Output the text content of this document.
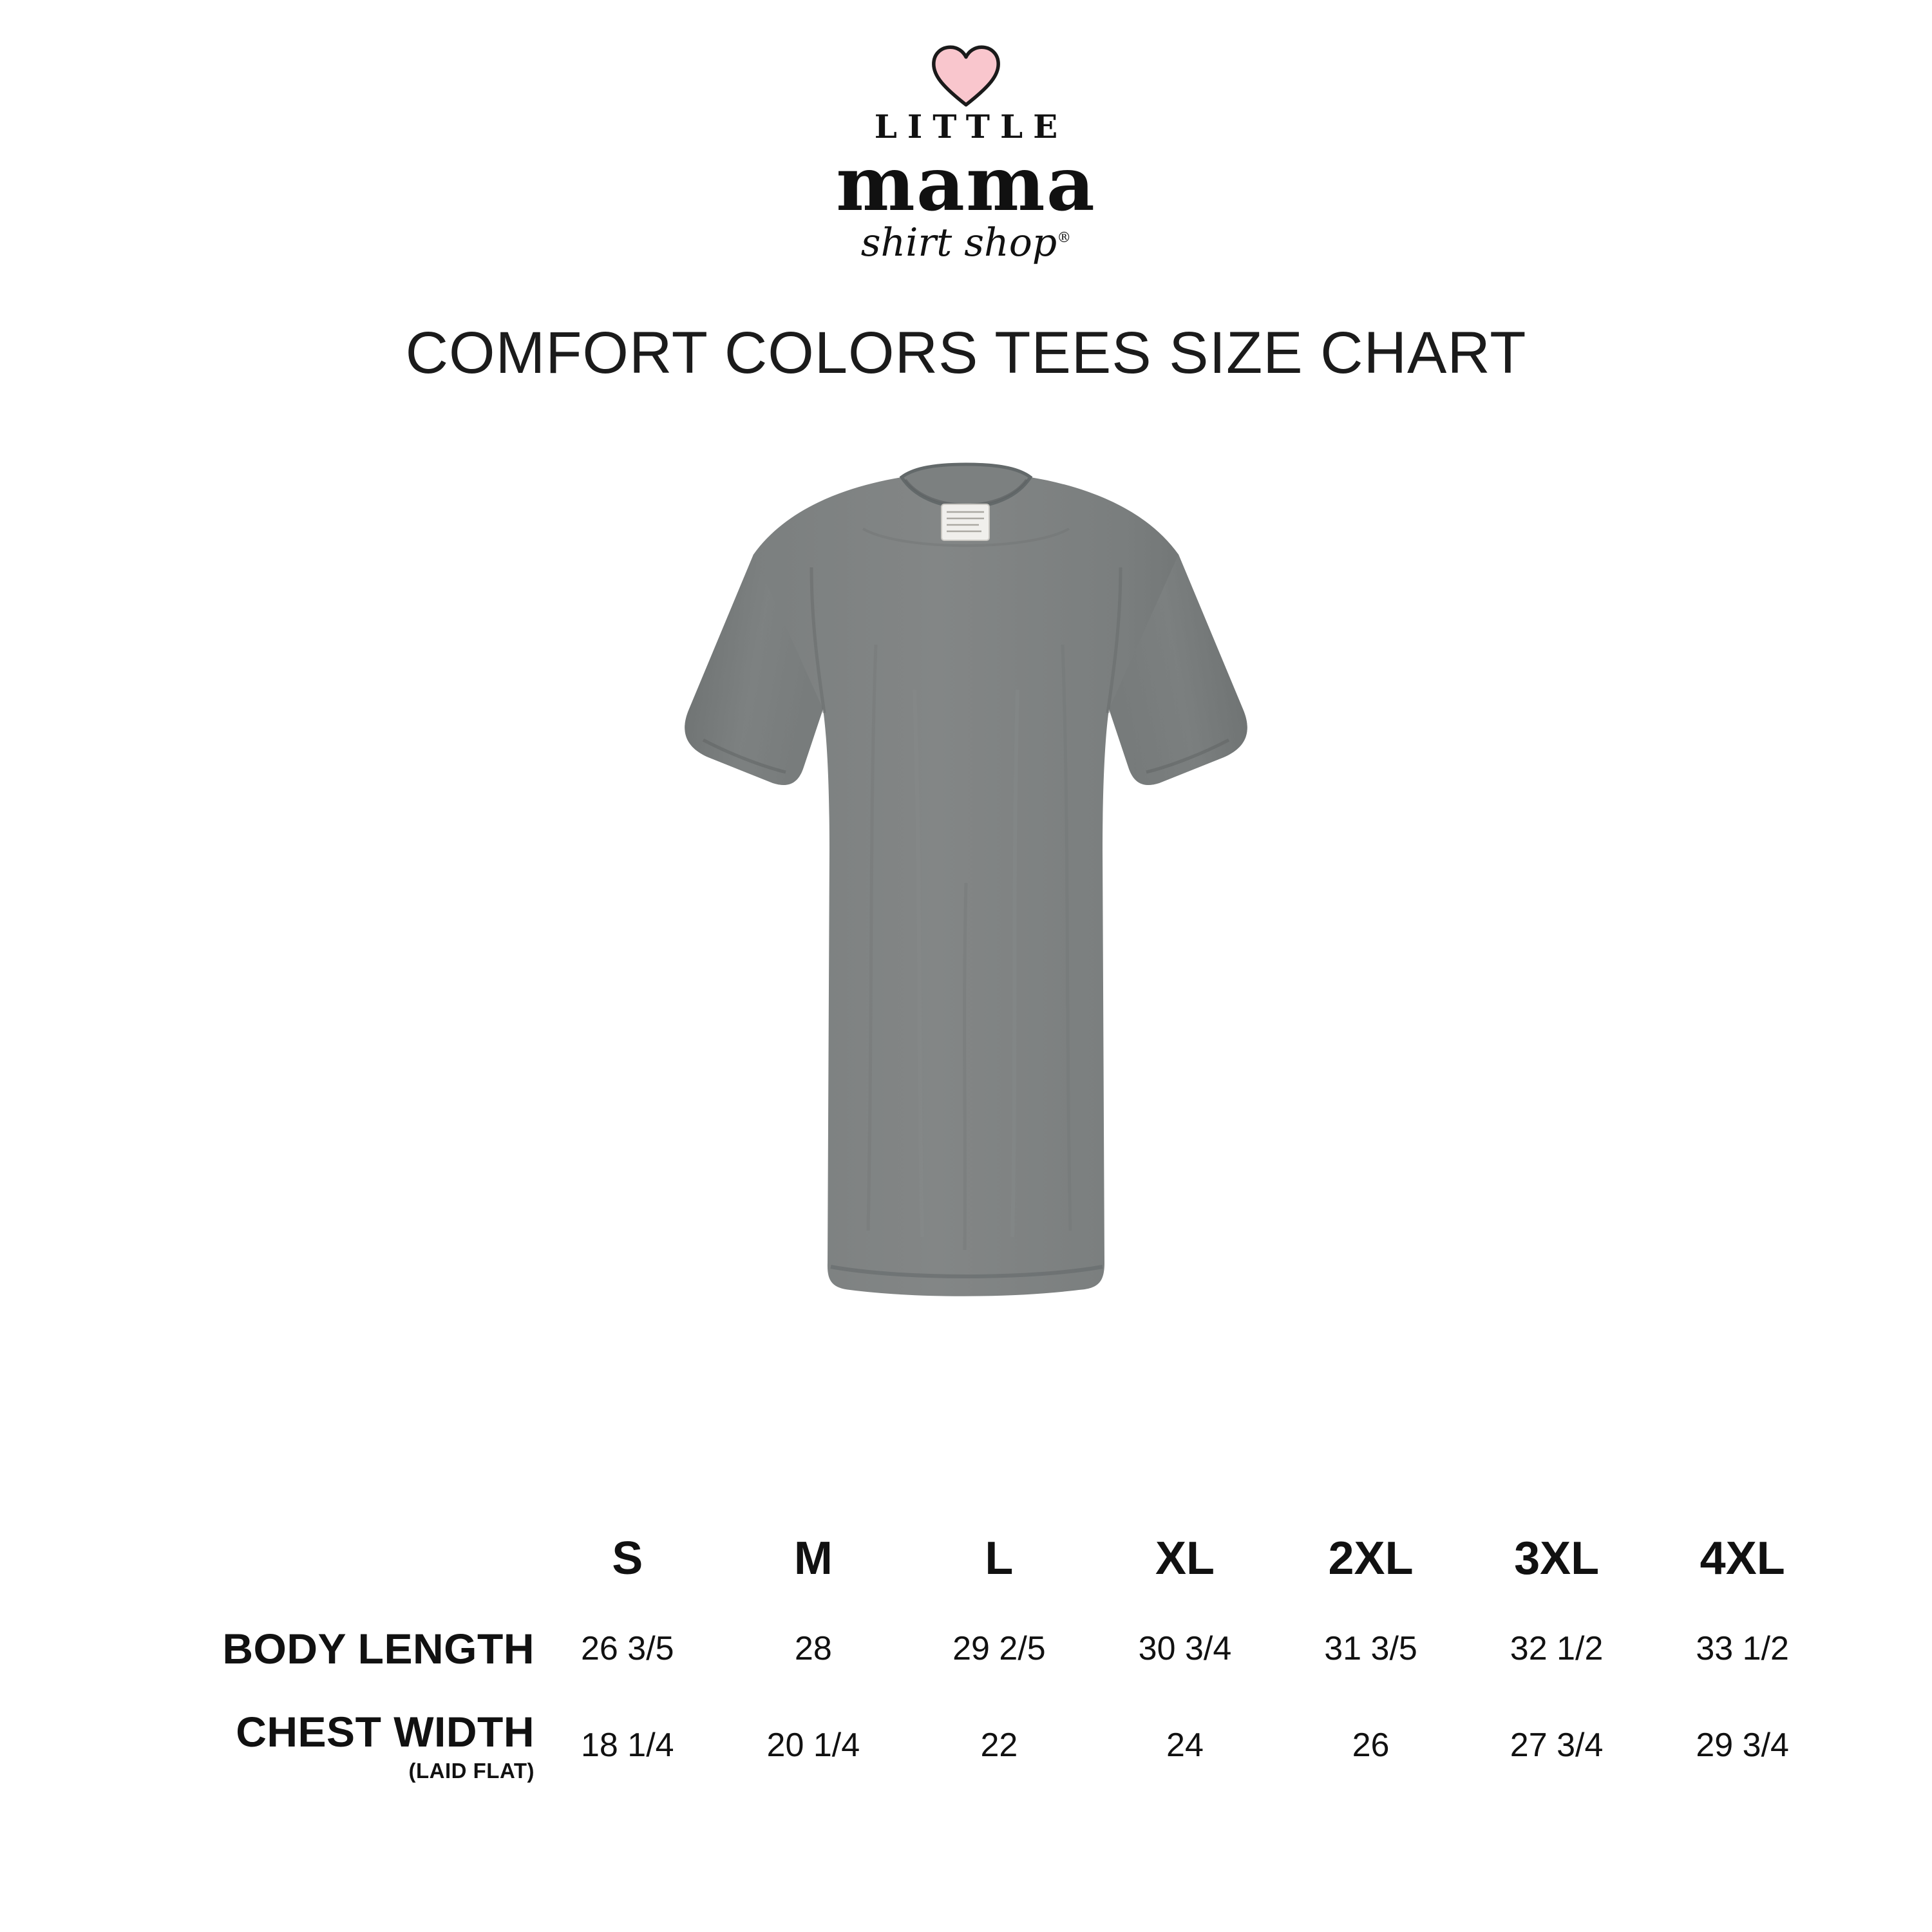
LITTLE
mama
shirt shop®
COMFORT COLORS TEES SIZE CHART
	S	M	L	XL	2XL	3XL	4XL
BODY LENGTH	26 3/5	28	29 2/5	30 3/4	31 3/5	32 1/2	33 1/2
CHEST WIDTH
(LAID FLAT)	18 1/4	20 1/4	22	24	26	27 3/4	29 3/4
